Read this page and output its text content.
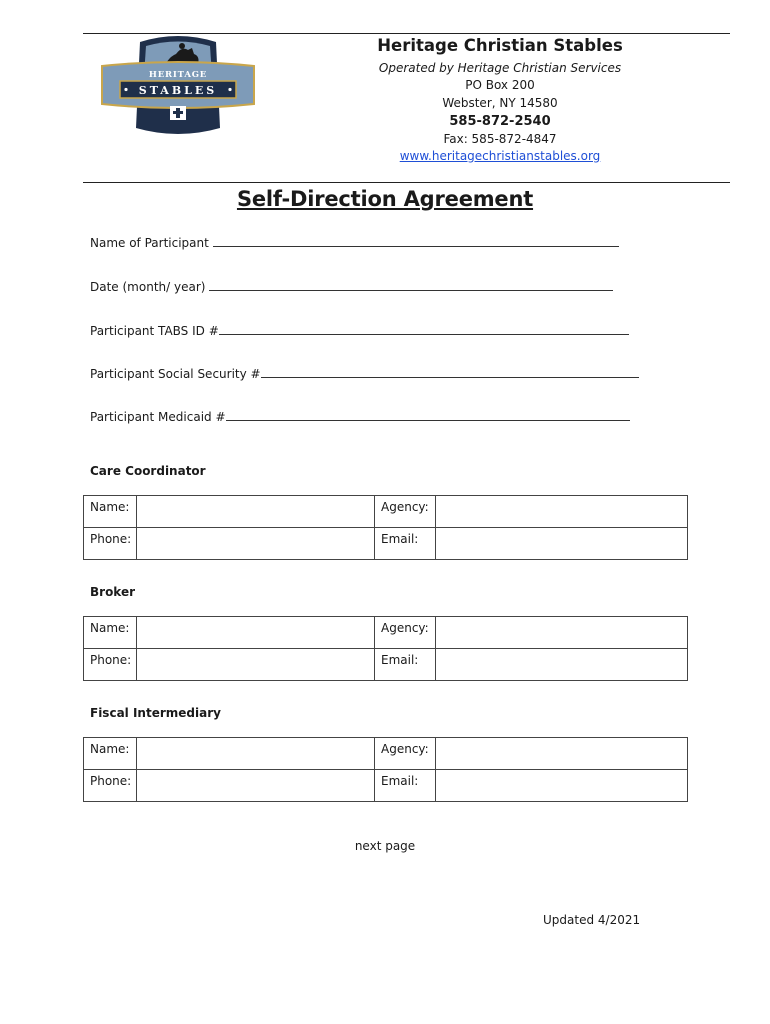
HERITAGE
STABLES
Heritage Christian Stables
Operated by Heritage Christian Services
PO Box 200
Webster, NY 14580
585-872-2540
Fax: 585-872-4847
www.heritagechristianstables.org
Self-Direction Agreement
Name of Participant
Date (month/ year)
Participant TABS ID #
Participant Social Security #
Participant Medicaid #
Care Coordinator
Name:		Agency:	
Phone:		Email:	
Broker
Name:		Agency:	
Phone:		Email:	
Fiscal Intermediary
Name:		Agency:	
Phone:		Email:	
next page
Updated 4/2021
